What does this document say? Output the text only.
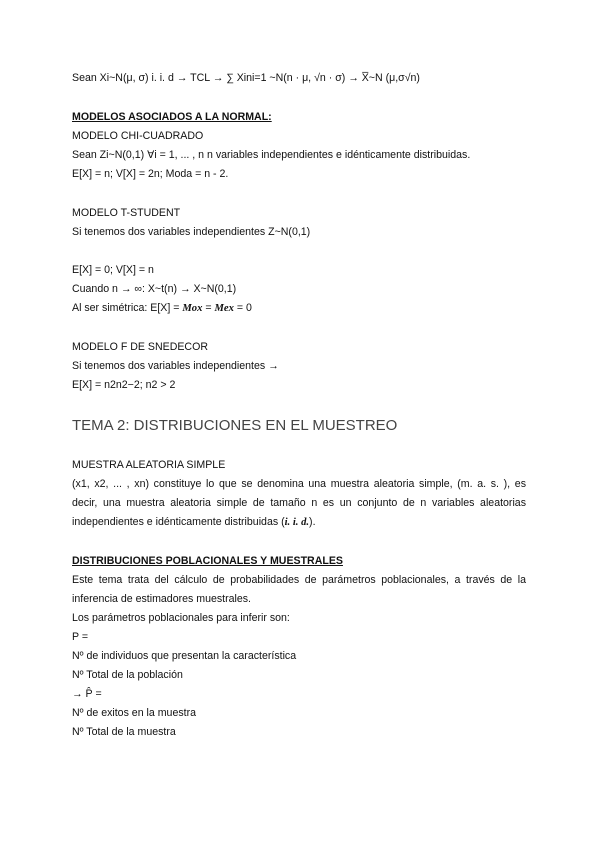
Sean Xi~N(μ, σ) i. i. d → TCL → ∑ Xini=1 ~N(n · μ, √n · σ) → X̅~N (μ,σ√n)
MODELOS ASOCIADOS A LA NORMAL:
MODELO CHI-CUADRADO
Sean Zi~N(0,1) ∀i = 1, ... , n n variables independientes e idénticamente distribuidas.
E[X] = n; V[X] = 2n; Moda = n - 2.
MODELO T-STUDENT
Si tenemos dos variables independientes Z~N(0,1)
E[X] = 0; V[X] = n
Cuando n → ∞: X~t(n) → X~N(0,1)
Al ser simétrica: E[X] = Mox = Mex = 0
MODELO F DE SNEDECOR
Si tenemos dos variables independientes →
E[X] = n2n2−2; n2 > 2
TEMA 2: DISTRIBUCIONES EN EL MUESTREO
MUESTRA ALEATORIA SIMPLE
(x1, x2, ... , xn) constituye lo que se denomina una muestra aleatoria simple, (m. a. s. ), es
decir, una muestra aleatoria simple de tamaño n es un conjunto de n variables aleatorias
independientes e idénticamente distribuidas (i. i. d.).
DISTRIBUCIONES POBLACIONALES Y MUESTRALES
Este tema trata del cálculo de probabilidades de parámetros poblacionales, a través de la
inferencia de estimadores muestrales.
Los parámetros poblacionales para inferir son:
P =
Nº de individuos que presentan la característica
Nº Total de la población
→ P̂ =
Nº de exitos en la muestra
Nº Total de la muestra
